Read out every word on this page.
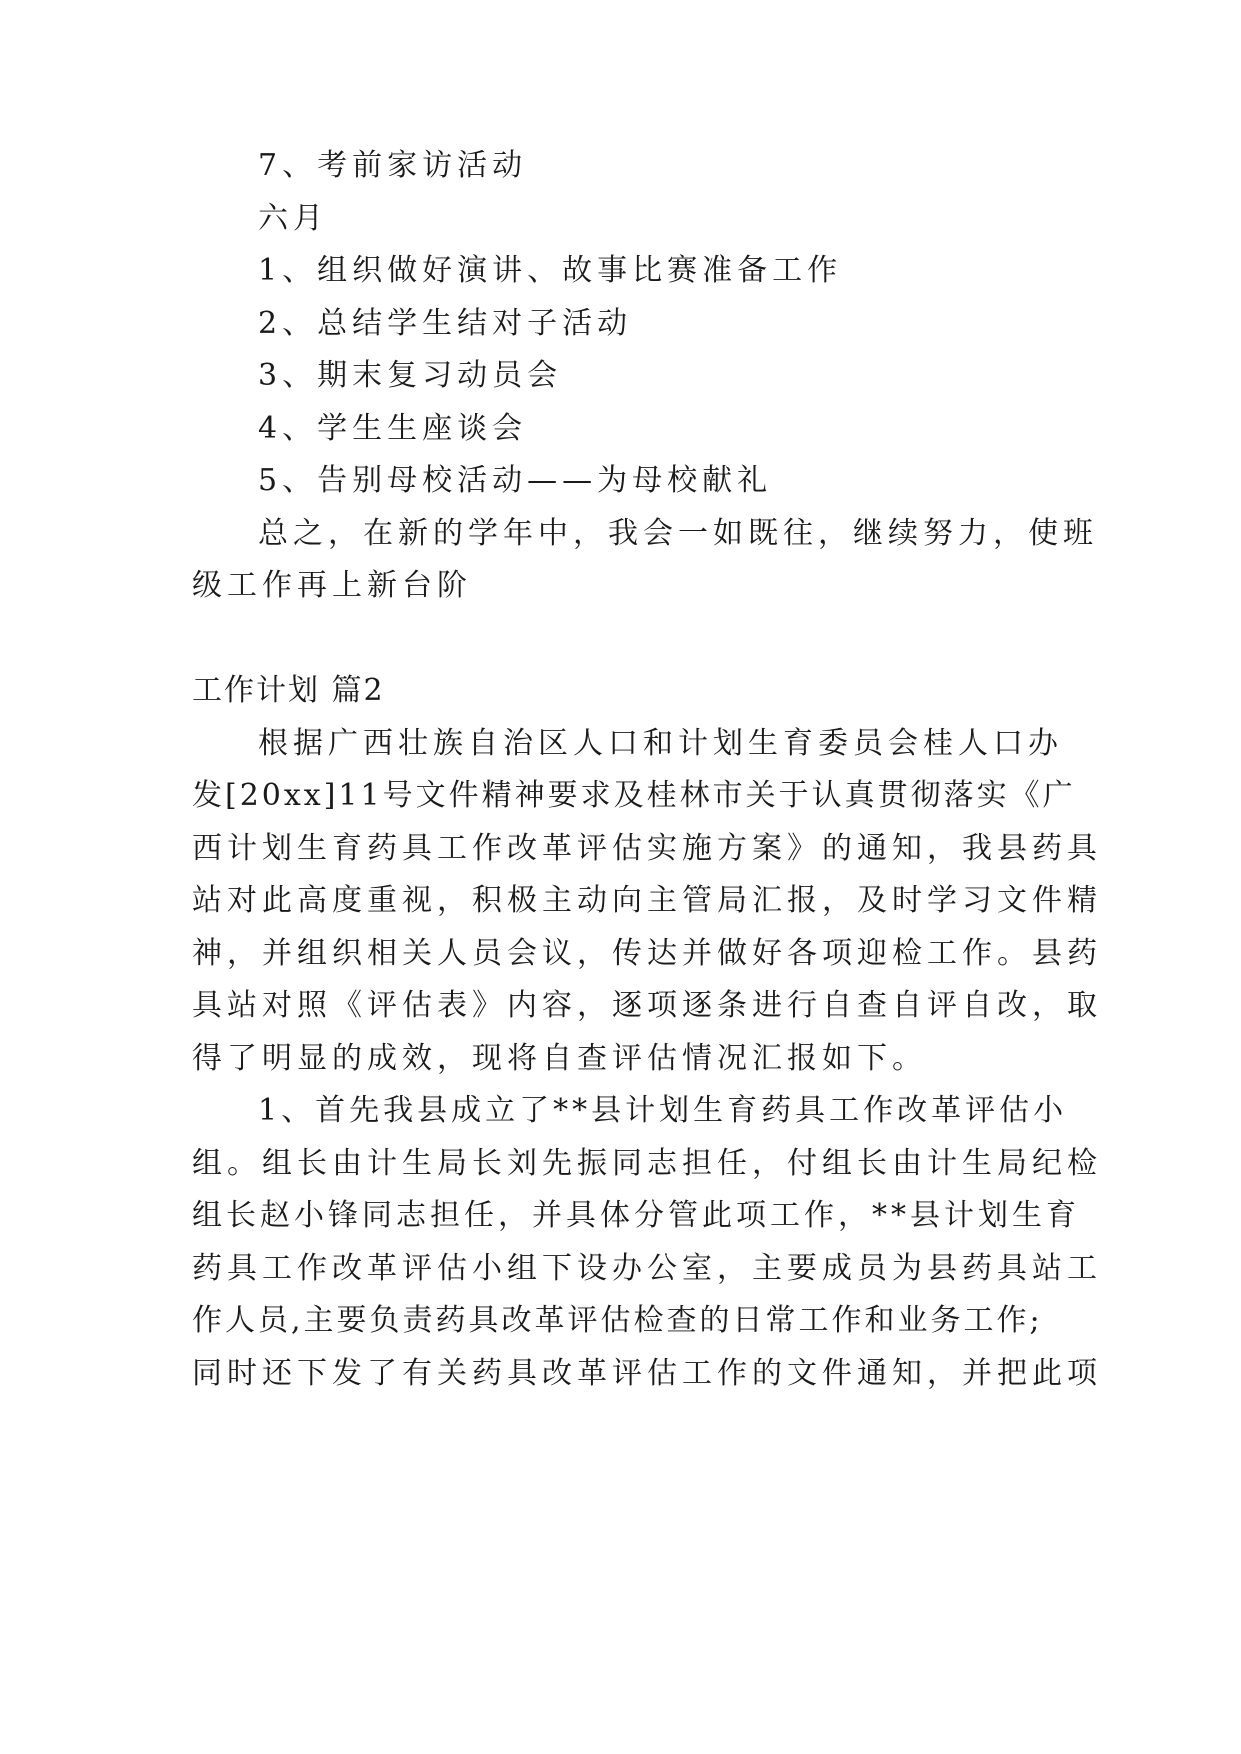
7、考前家访活动
六月
1、组织做好演讲、故事比赛准备工作
2、总结学生结对子活动
3、期末复习动员会
4、学生生座谈会
5、告别母校活动——为母校献礼
总之，在新的学年中，我会一如既往，继续努力，使班
级工作再上新台阶
工作计划 篇2
根据广西壮族自治区人口和计划生育委员会桂人口办
发[20xx]11号文件精神要求及桂林市关于认真贯彻落实《广
西计划生育药具工作改革评估实施方案》的通知，我县药具
站对此高度重视，积极主动向主管局汇报，及时学习文件精
神，并组织相关人员会议，传达并做好各项迎检工作。县药
具站对照《评估表》内容，逐项逐条进行自查自评自改，取
得了明显的成效，现将自查评估情况汇报如下。
1、首先我县成立了**县计划生育药具工作改革评估小
组。组长由计生局长刘先振同志担任，付组长由计生局纪检
组长赵小锋同志担任，并具体分管此项工作，**县计划生育
药具工作改革评估小组下设办公室，主要成员为县药具站工
作人员,主要负责药具改革评估检查的日常工作和业务工作;
同时还下发了有关药具改革评估工作的文件通知，并把此项
